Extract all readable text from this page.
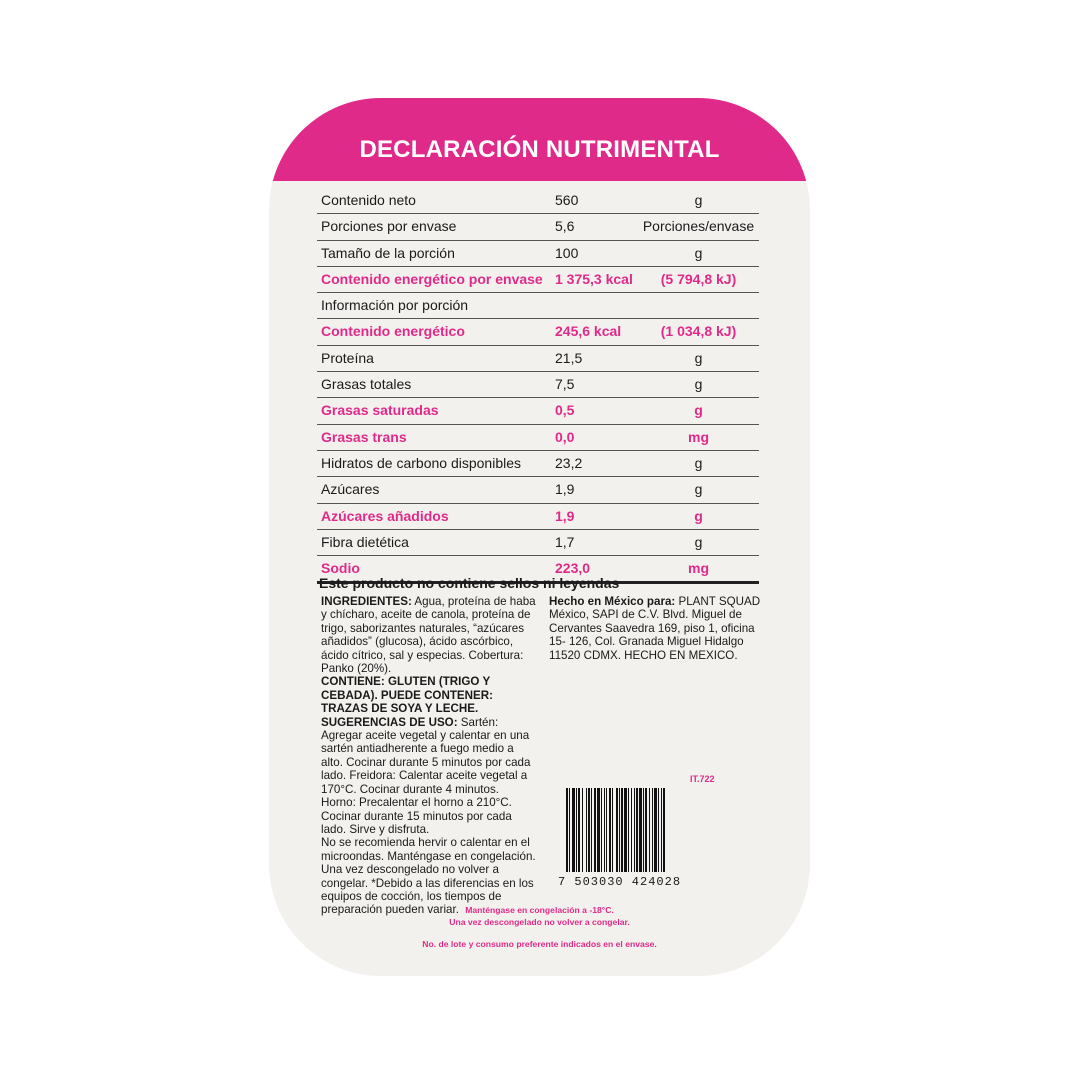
DECLARACIÓN NUTRIMENTAL
Contenido neto	560	g
Porciones por envase	5,6	Porciones/envase
Tamaño de la porción	100	g
Contenido energético por envase 1 375,3 kcal	(5 794,8 kJ)
Información por porción
Contenido energético	245,6 kcal	(1 034,8 kJ)
Proteína	21,5	g
Grasas totales	7,5	g
Grasas saturadas	0,5	g
Grasas trans	0,0	mg
Hidratos de carbono disponibles 23,2	g
Azúcares	1,9	g
Azúcares añadidos	1,9	g
Fibra dietética	1,7	g
Sodio	223,0	mg
Este producto no contiene sellos ni leyendas
INGREDIENTES: Agua, proteína de haba y chícharo, aceite de canola, proteína de trigo, saborizantes naturales, “azúcares añadidos” (glucosa), ácido ascórbico, ácido cítrico, sal y especias. Cobertura: Panko (20%).
CONTIENE: GLUTEN (TRIGO Y CEBADA). PUEDE CONTENER: TRAZAS DE SOYA Y LECHE.
SUGERENCIAS DE USO: Sartén: Agregar aceite vegetal y calentar en una sartén antiadherente a fuego medio a alto. Cocinar durante 5 minutos por cada lado. Freidora: Calentar aceite vegetal a 170°C. Cocinar durante 4 minutos. Horno: Precalentar el horno a 210°C. Cocinar durante 15 minutos por cada lado. Sirve y disfruta.
No se recomienda hervir o calentar en el microondas. Manténgase en congelación. Una vez descongelado no volver a congelar. *Debido a las diferencias en los equipos de cocción, los tiempos de preparación pueden variar.
Hecho en México para: PLANT SQUAD México, SAPI de C.V. Blvd. Miguel de Cervantes Saavedra 169, piso 1, oficina 15- 126, Col. Granada Miguel Hidalgo 11520 CDMX. HECHO EN MEXICO.
IT.722
7 503030 424028
Manténgase en congelación a -18°C.
Una vez descongelado no volver a congelar.
No. de lote y consumo preferente indicados en el envase.
